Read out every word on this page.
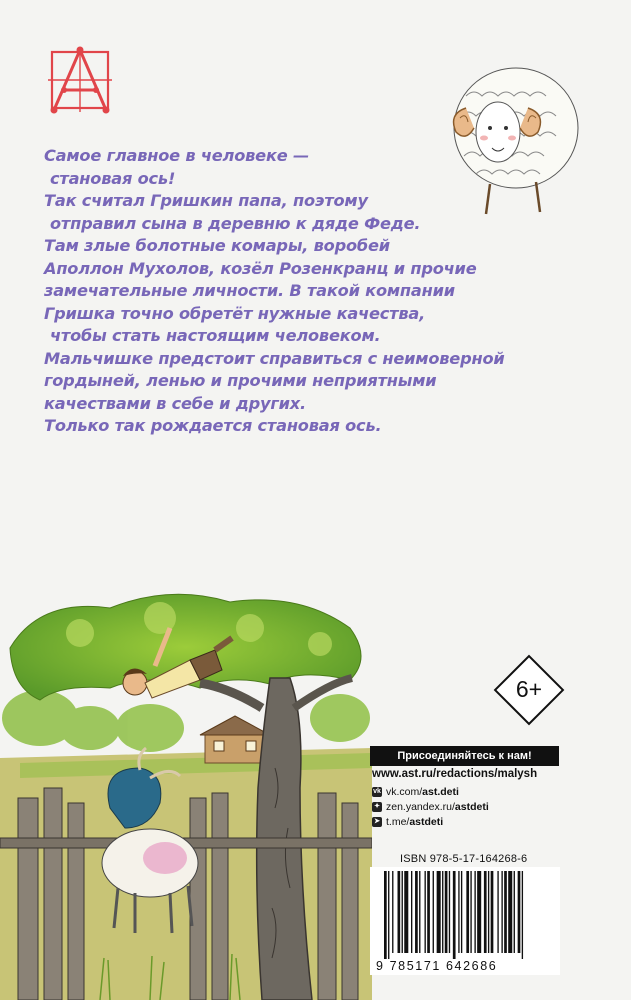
Самое главное в человеке —
становая ось!
Так считал Гришкин папа, поэтому
отправил сына в деревню к дяде Феде.
Там злые болотные комары, воробей
Аполлон Мухолов, козёл Розенкранц и прочие
замечательные личности. В такой компании
Гришка точно обретёт нужные качества,
чтобы стать настоящим человеком.
Мальчишке предстоит справиться с неимоверной
гордыней, ленью и прочими неприятными
качествами в себе и других.
Только так рождается становая ось.
6+
Присоединяйтесь к нам!
www.ast.ru/redactions/malysh
vk vk.com/ ast.deti
✦ zen.yandex.ru/ astdeti
➤ t.me/ astdeti
ISBN 978-5-17-164268-6
9 785171 642686
